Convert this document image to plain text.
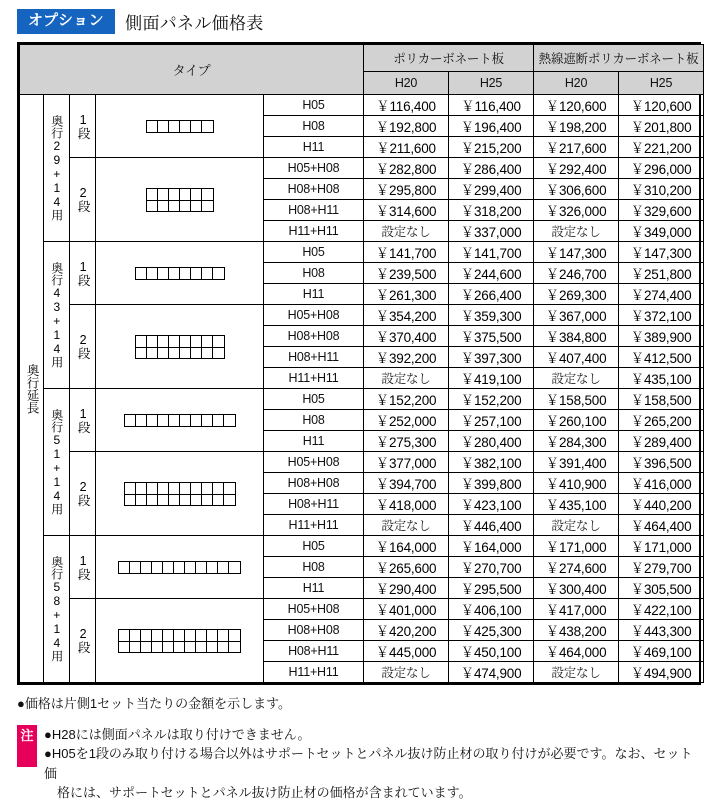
オプション	側面パネル価格表
タイプ					ポリカーボネート板		熱線遮断ポリカーボネート板	
					H20	H25	H20	H25
奥行延長	奥行29+14用	1段		H05	￥116,400	￥116,400	￥120,600	￥120,600
				H08	￥192,800	￥196,400	￥198,200	￥201,800
				H11	￥211,600	￥215,200	￥217,600	￥221,200
		2段		H05+H08	￥282,800	￥286,400	￥292,400	￥296,000
				H08+H08	￥295,800	￥299,400	￥306,600	￥310,200
				H08+H11	￥314,600	￥318,200	￥326,000	￥329,600
				H11+H11	設定なし	￥337,000	設定なし	￥349,000
	奥行43+14用	1段		H05	￥141,700	￥141,700	￥147,300	￥147,300
				H08	￥239,500	￥244,600	￥246,700	￥251,800
				H11	￥261,300	￥266,400	￥269,300	￥274,400
		2段		H05+H08	￥354,200	￥359,300	￥367,000	￥372,100
				H08+H08	￥370,400	￥375,500	￥384,800	￥389,900
				H08+H11	￥392,200	￥397,300	￥407,400	￥412,500
				H11+H11	設定なし	￥419,100	設定なし	￥435,100
	奥行51+14用	1段		H05	￥152,200	￥152,200	￥158,500	￥158,500
				H08	￥252,000	￥257,100	￥260,100	￥265,200
				H11	￥275,300	￥280,400	￥284,300	￥289,400
		2段		H05+H08	￥377,000	￥382,100	￥391,400	￥396,500
				H08+H08	￥394,700	￥399,800	￥410,900	￥416,000
				H08+H11	￥418,000	￥423,100	￥435,100	￥440,200
				H11+H11	設定なし	￥446,400	設定なし	￥464,400
	奥行58+14用	1段		H05	￥164,000	￥164,000	￥171,000	￥171,000
				H08	￥265,600	￥270,700	￥274,600	￥279,700
				H11	￥290,400	￥295,500	￥300,400	￥305,500
		2段		H05+H08	￥401,000	￥406,100	￥417,000	￥422,100
				H08+H08	￥420,200	￥425,300	￥438,200	￥443,300
				H08+H11	￥445,000	￥450,100	￥464,000	￥469,100
				H11+H11	設定なし	￥474,900	設定なし	￥494,900
●価格は片側1セット当たりの金額を示します。
注 ●H28には側面パネルは取り付けできません。
●H05を1段のみ取り付ける場合以外はサポートセットとパネル抜け防止材の取り付けが必要です。なお、セット価
格には、サポートセットとパネル抜け防止材の価格が含まれています。
